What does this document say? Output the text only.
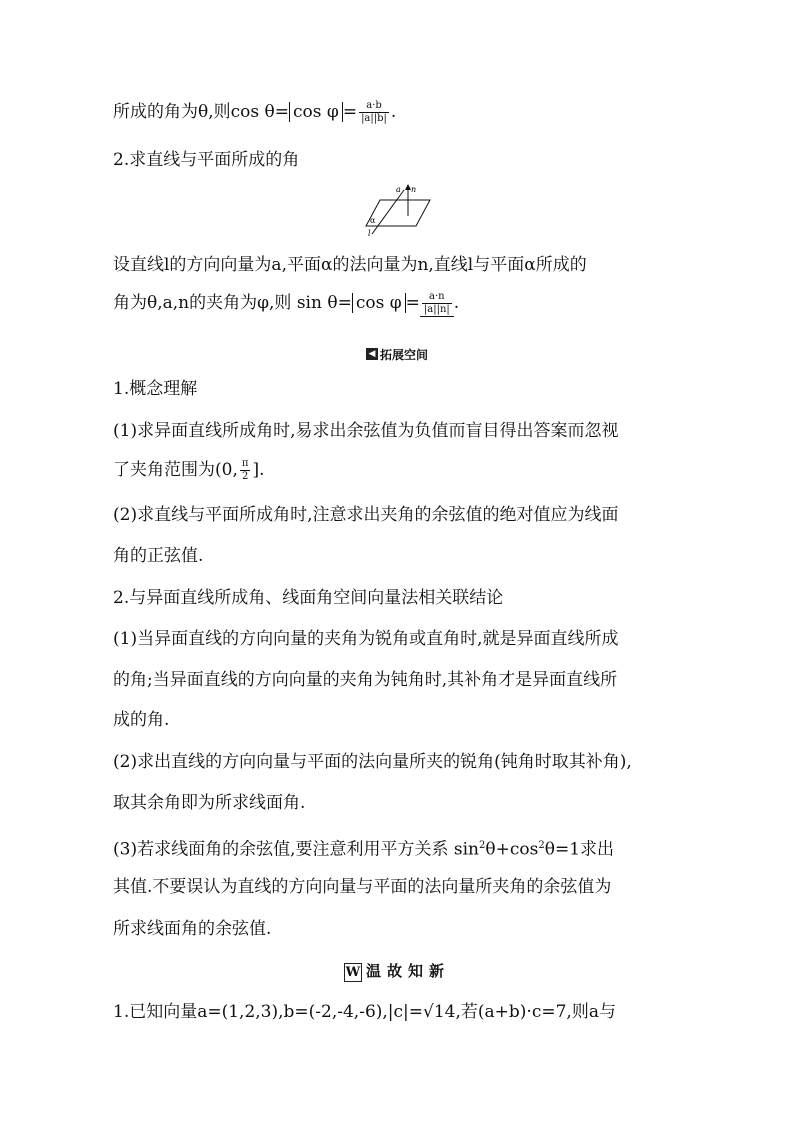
所成的角为θ,则$\cos \theta= \cos \varphi = \frac{a\cdot b}{|a||b|}$ .
2.求直线与平面所成的角
a n
α
l
设直线l的方向向量为a,平面α的法向量为n,直线l与平面α所成的
角为θ,a,n的夹角为φ,则 $\sin \theta= \cos \varphi = \frac{a\cdot n}{|a||n|}$ .
◀ 拓展空间
1.概念理解
(1)求异面直线所成角时,易求出余弦值为负值而盲目得出答案而忽视
了夹角范围为(0, $\frac{\pi}{2}$ ].
(2)求直线与平面所成角时,注意求出夹角的余弦值的绝对值应为线面
角的正弦值.
2.与异面直线所成角、线面角空间向量法相关联结论
(1)当异面直线的方向向量的夹角为锐角或直角时,就是异面直线所成
的角;当异面直线的方向向量的夹角为钝角时,其补角才是异面直线所
成的角.
(2)求出直线的方向向量与平面的法向量所夹的锐角(钝角时取其补角),
取其余角即为所求线面角.
(3)若求线面角的余弦值,要注意利用平方关系 $\sin^2\theta+\cos^2\theta=1$求出
其值.不要误认为直线的方向向量与平面的法向量所夹角的余弦值为
所求线面角的余弦值.
W 温故知新
1.已知向量a=(1,2,3),b=(-2,-4,-6),|c|=√14,若(a+b)·c=7,则a与
